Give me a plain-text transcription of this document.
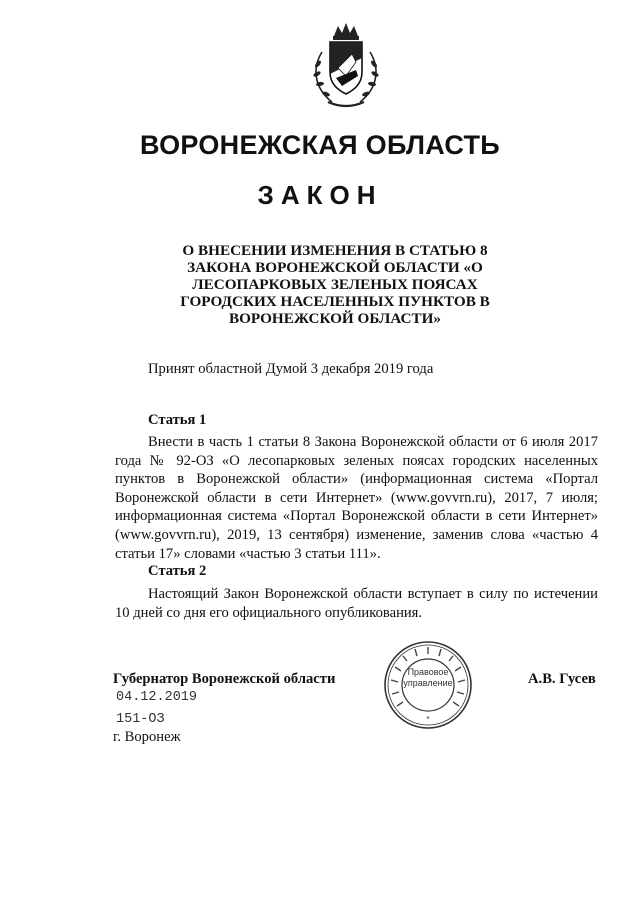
ВОРОНЕЖСКАЯ ОБЛАСТЬ
ЗАКОН
О ВНЕСЕНИИ ИЗМЕНЕНИЯ В СТАТЬЮ 8 ЗАКОНА ВОРОНЕЖСКОЙ ОБЛАСТИ «О ЛЕСОПАРКОВЫХ ЗЕЛЕНЫХ ПОЯСАХ ГОРОДСКИХ НАСЕЛЕННЫХ ПУНКТОВ В ВОРОНЕЖСКОЙ ОБЛАСТИ»
Принят областной Думой 3 декабря 2019 года
Статья 1
Внести в часть 1 статьи 8 Закона Воронежской области от 6 июля 2017 года № 92-ОЗ «О лесопарковых зеленых поясах городских населенных пунктов в Воронежской области» (информационная система «Портал Воронежской области в сети Интернет» (www.govvrn.ru), 2017, 7 июля; информационная система «Портал Воронежской области в сети Интернет» (www.govvrn.ru), 2019, 13 сентября) изменение, заменив слова «частью 4 статьи 17» словами «частью 3 статьи 111».
Статья 2
Настоящий Закон Воронежской области вступает в силу по истечении 10 дней со дня его официального опубликования.
Губернатор Воронежской области	А.В. Гусев
04.12.2019
151-ОЗ
г. Воронеж
*
Правовое управление
